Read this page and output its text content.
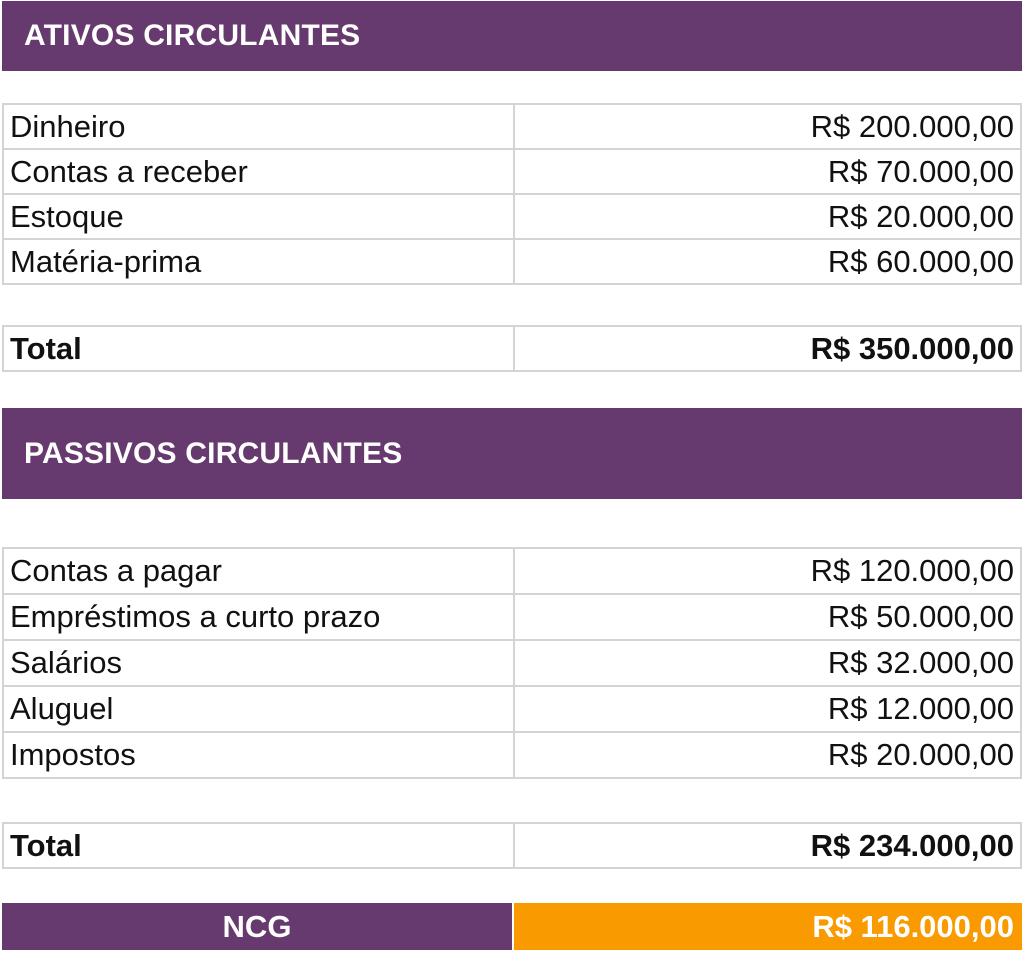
ATIVOS CIRCULANTES
Dinheiro	R$ 200.000,00
Contas a receber	R$ 70.000,00
Estoque	R$ 20.000,00
Matéria-prima	R$ 60.000,00
Total	R$ 350.000,00
PASSIVOS CIRCULANTES
Contas a pagar	R$ 120.000,00
Empréstimos a curto prazo	R$ 50.000,00
Salários	R$ 32.000,00
Aluguel	R$ 12.000,00
Impostos	R$ 20.000,00
Total	R$ 234.000,00
NCG	R$ 116.000,00
